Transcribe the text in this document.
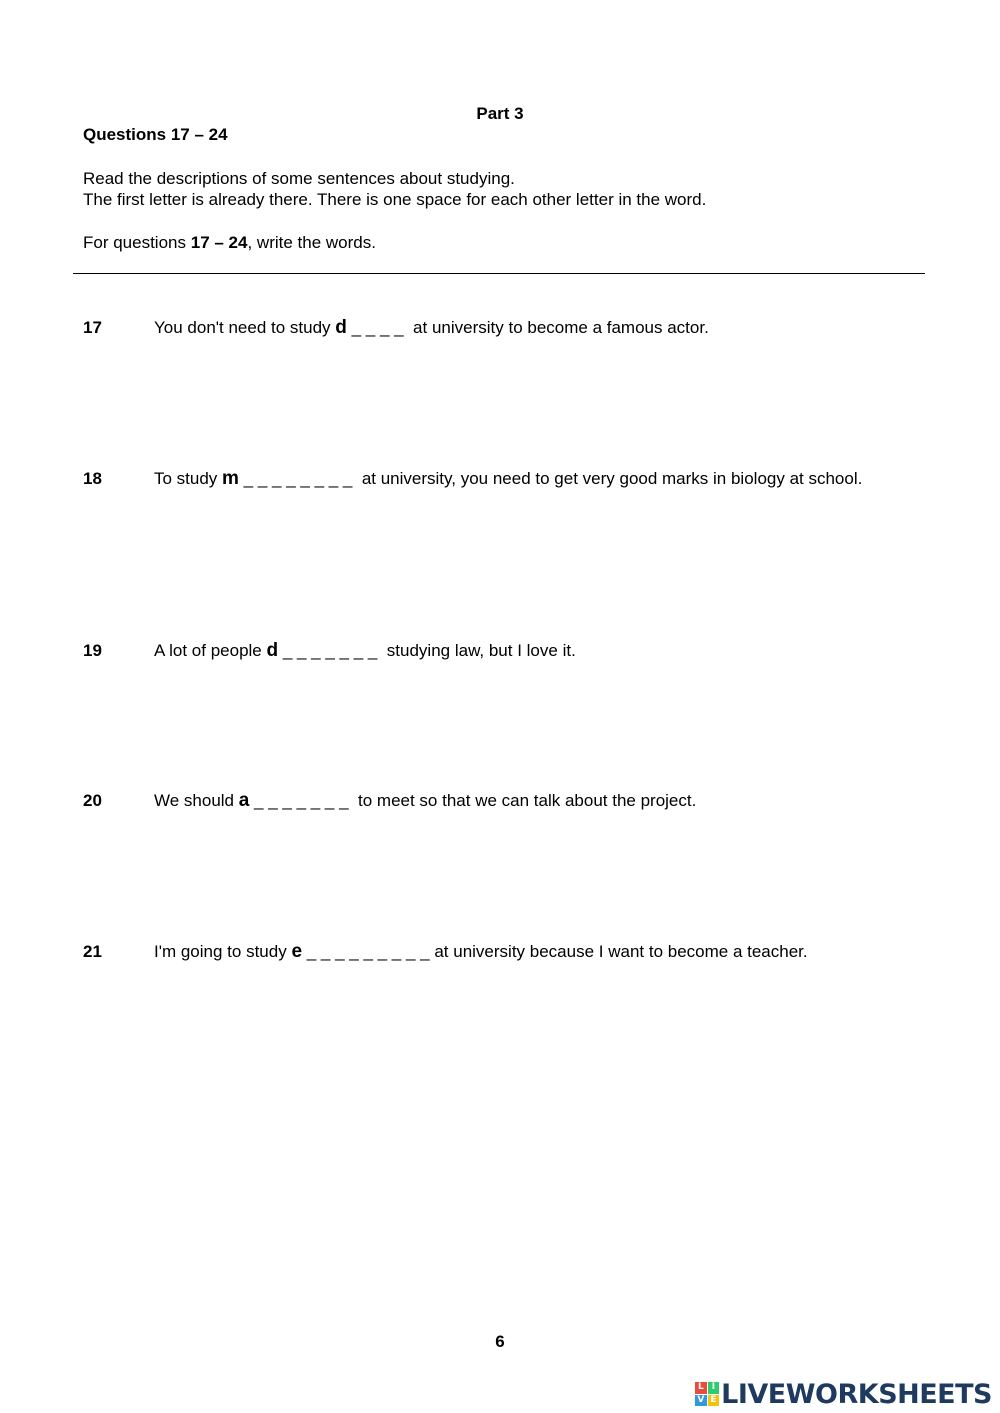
Part 3
Questions 17 – 24
Read the descriptions of some sentences about studying.
The first letter is already there. There is one space for each other letter in the word.
For questions 17 – 24, write the words.
17	You don't need to study d _ _ _ _  at university to become a famous actor.
18	To study m _ _ _ _ _ _ _ _  at university, you need to get very good marks in biology at school.
19	A lot of people d _ _ _ _ _ _ _  studying law, but I love it.
20	We should a _ _ _ _ _ _ _  to meet so that we can talk about the project.
21	I'm going to study e _ _ _ _ _ _ _ _ _ at university because I want to become a teacher.
6
L I
V E LIVEWORKSHEETS
